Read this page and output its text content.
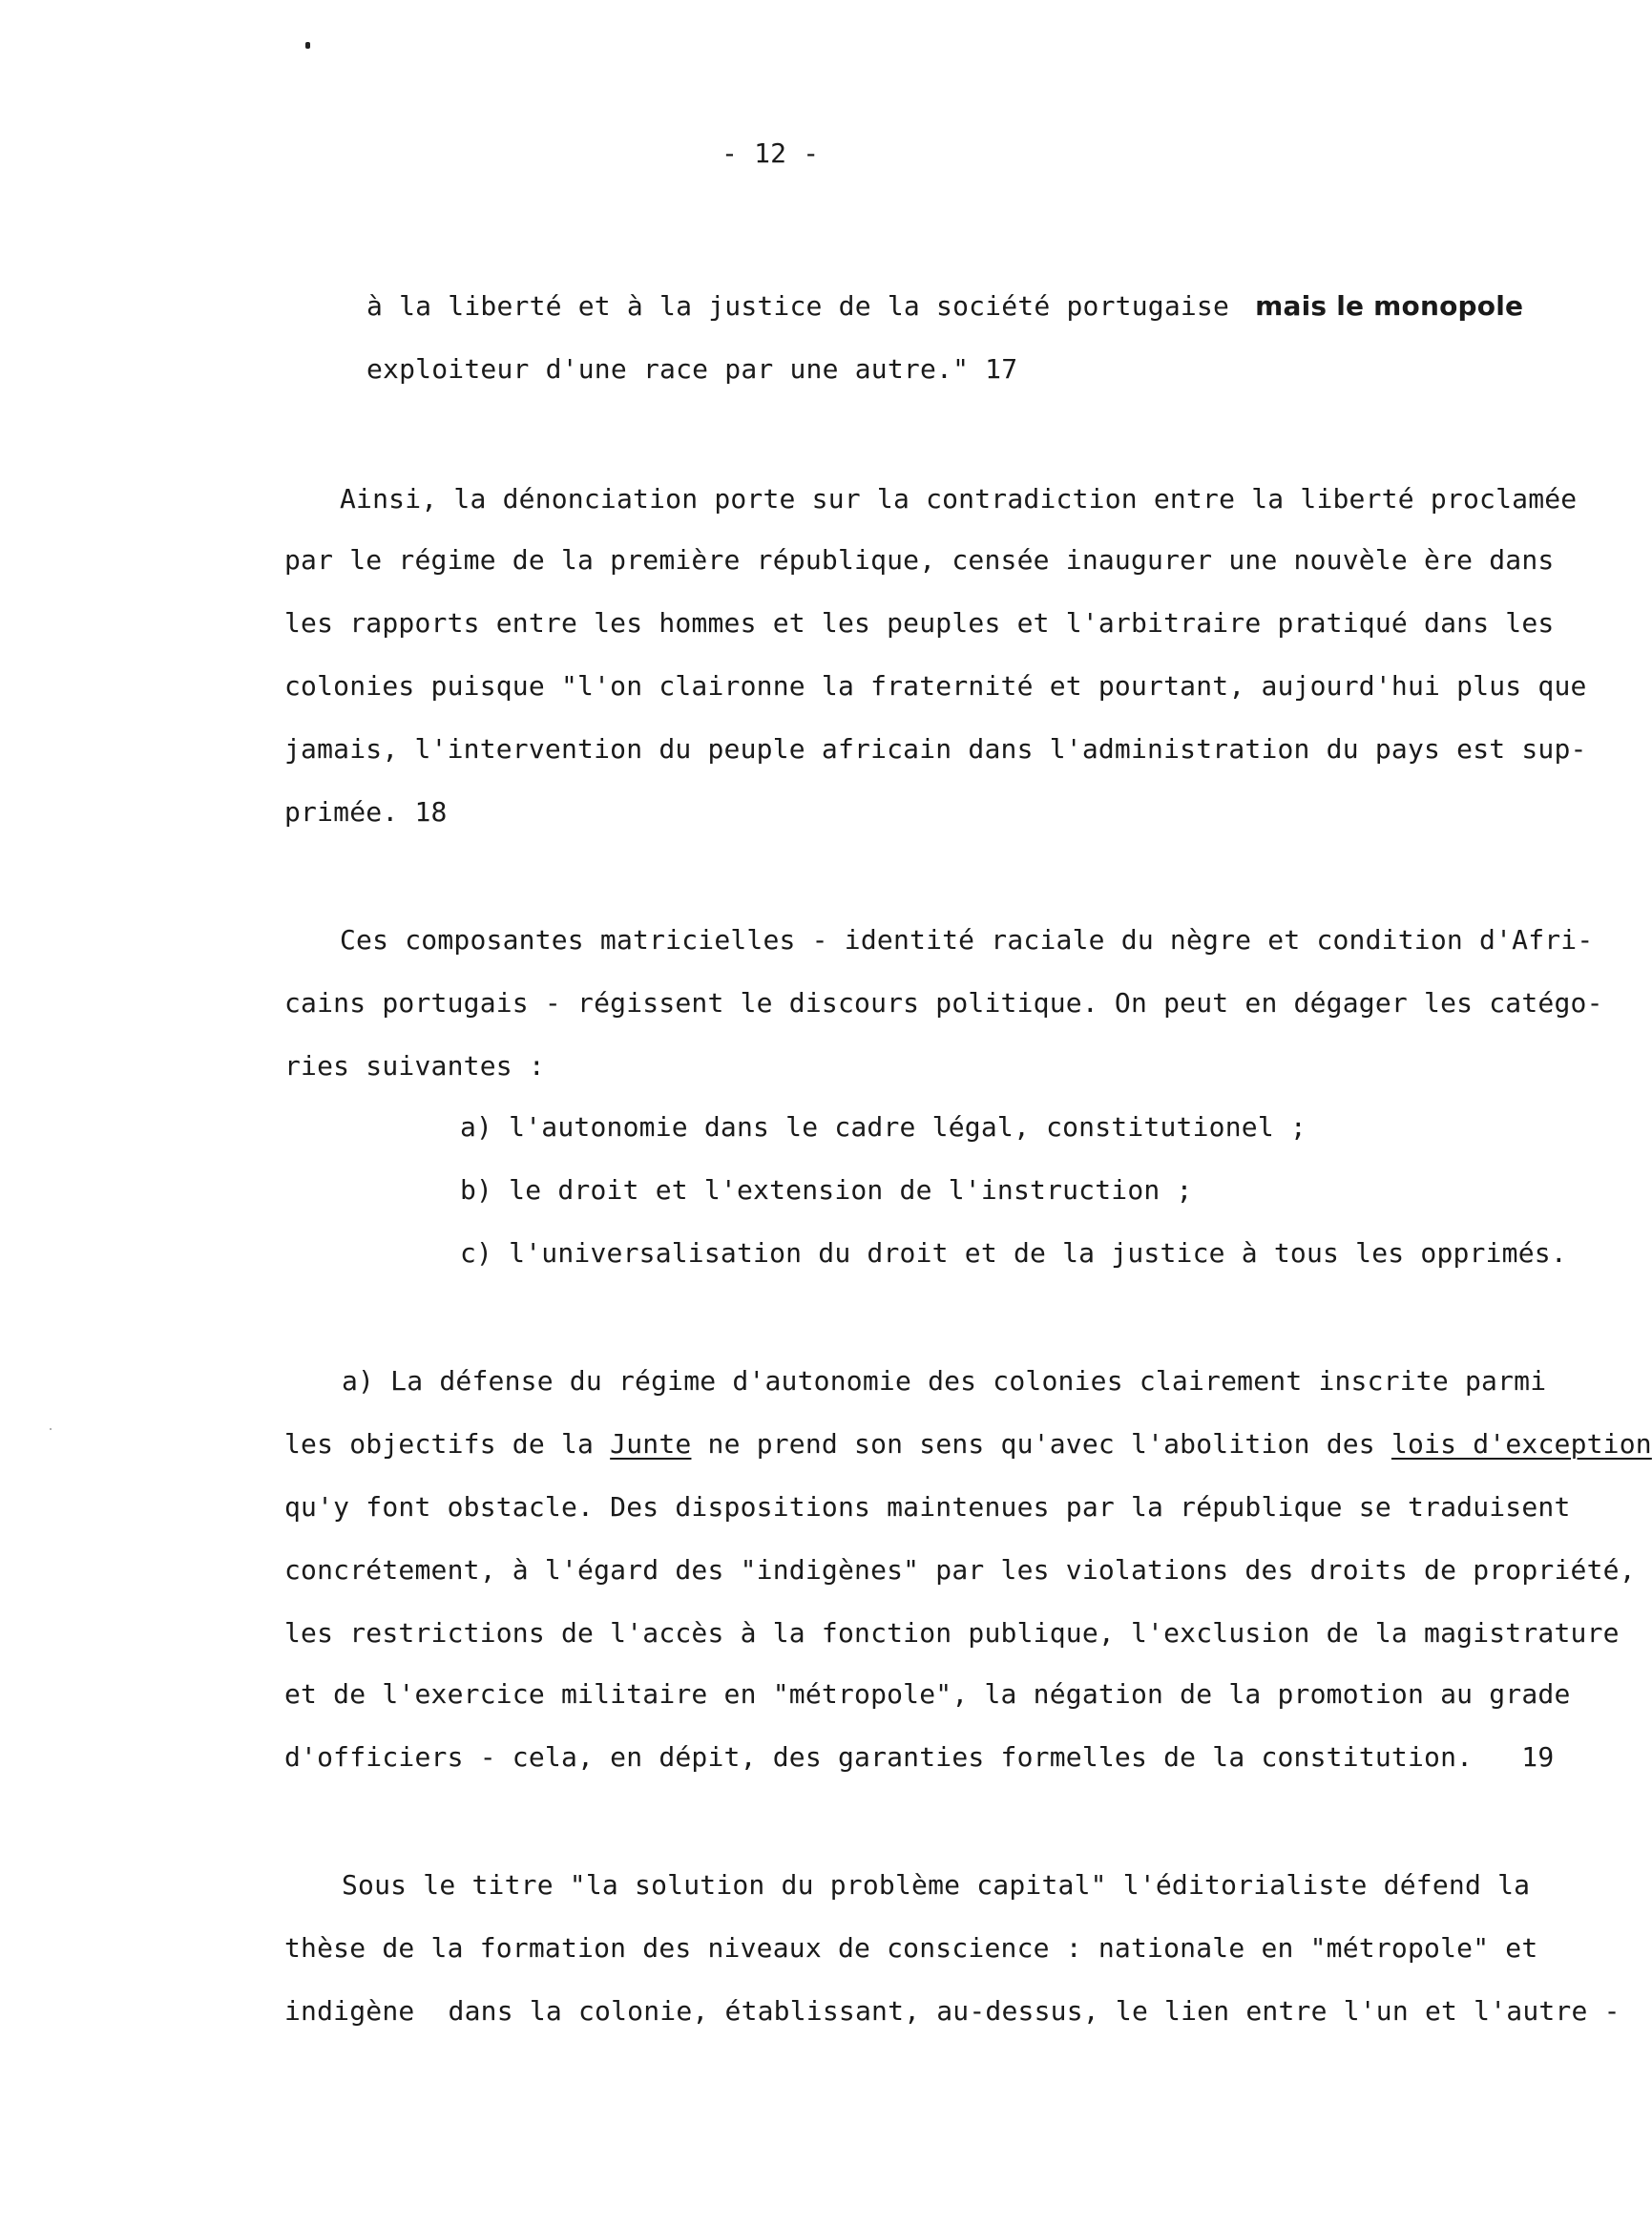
- 12 -
à la liberté et à la justice de la société portugaise mais le monopole
exploiteur d'une race par une autre." 17
Ainsi, la dénonciation porte sur la contradiction entre la liberté proclamée
par le régime de la première république, censée inaugurer une nouvèle ère dans
les rapports entre les hommes et les peuples et l'arbitraire pratiqué dans les
colonies puisque "l'on claironne la fraternité et pourtant, aujourd'hui plus que
jamais, l'intervention du peuple africain dans l'administration du pays est sup-
primée. 18
Ces composantes matricielles - identité raciale du nègre et condition d'Afri-
cains portugais - régissent le discours politique. On peut en dégager les catégo-
ries suivantes :
a) l'autonomie dans le cadre légal, constitutionel ;
b) le droit et l'extension de l'instruction ;
c) l'universalisation du droit et de la justice à tous les opprimés.
a) La défense du régime d'autonomie des colonies clairement inscrite parmi
les objectifs de la Junte ne prend son sens qu'avec l'abolition des lois d'exception
qu'y font obstacle. Des dispositions maintenues par la république se traduisent
concrétement, à l'égard des "indigènes" par les violations des droits de propriété,
les restrictions de l'accès à la fonction publique, l'exclusion de la magistrature
et de l'exercice militaire en "métropole", la négation de la promotion au grade
d'officiers - cela, en dépit, des garanties formelles de la constitution. 19
Sous le titre "la solution du problème capital" l'éditorialiste défend la
thèse de la formation des niveaux de conscience : nationale en "métropole" et
indigène dans la colonie, établissant, au-dessus, le lien entre l'un et l'autre -
